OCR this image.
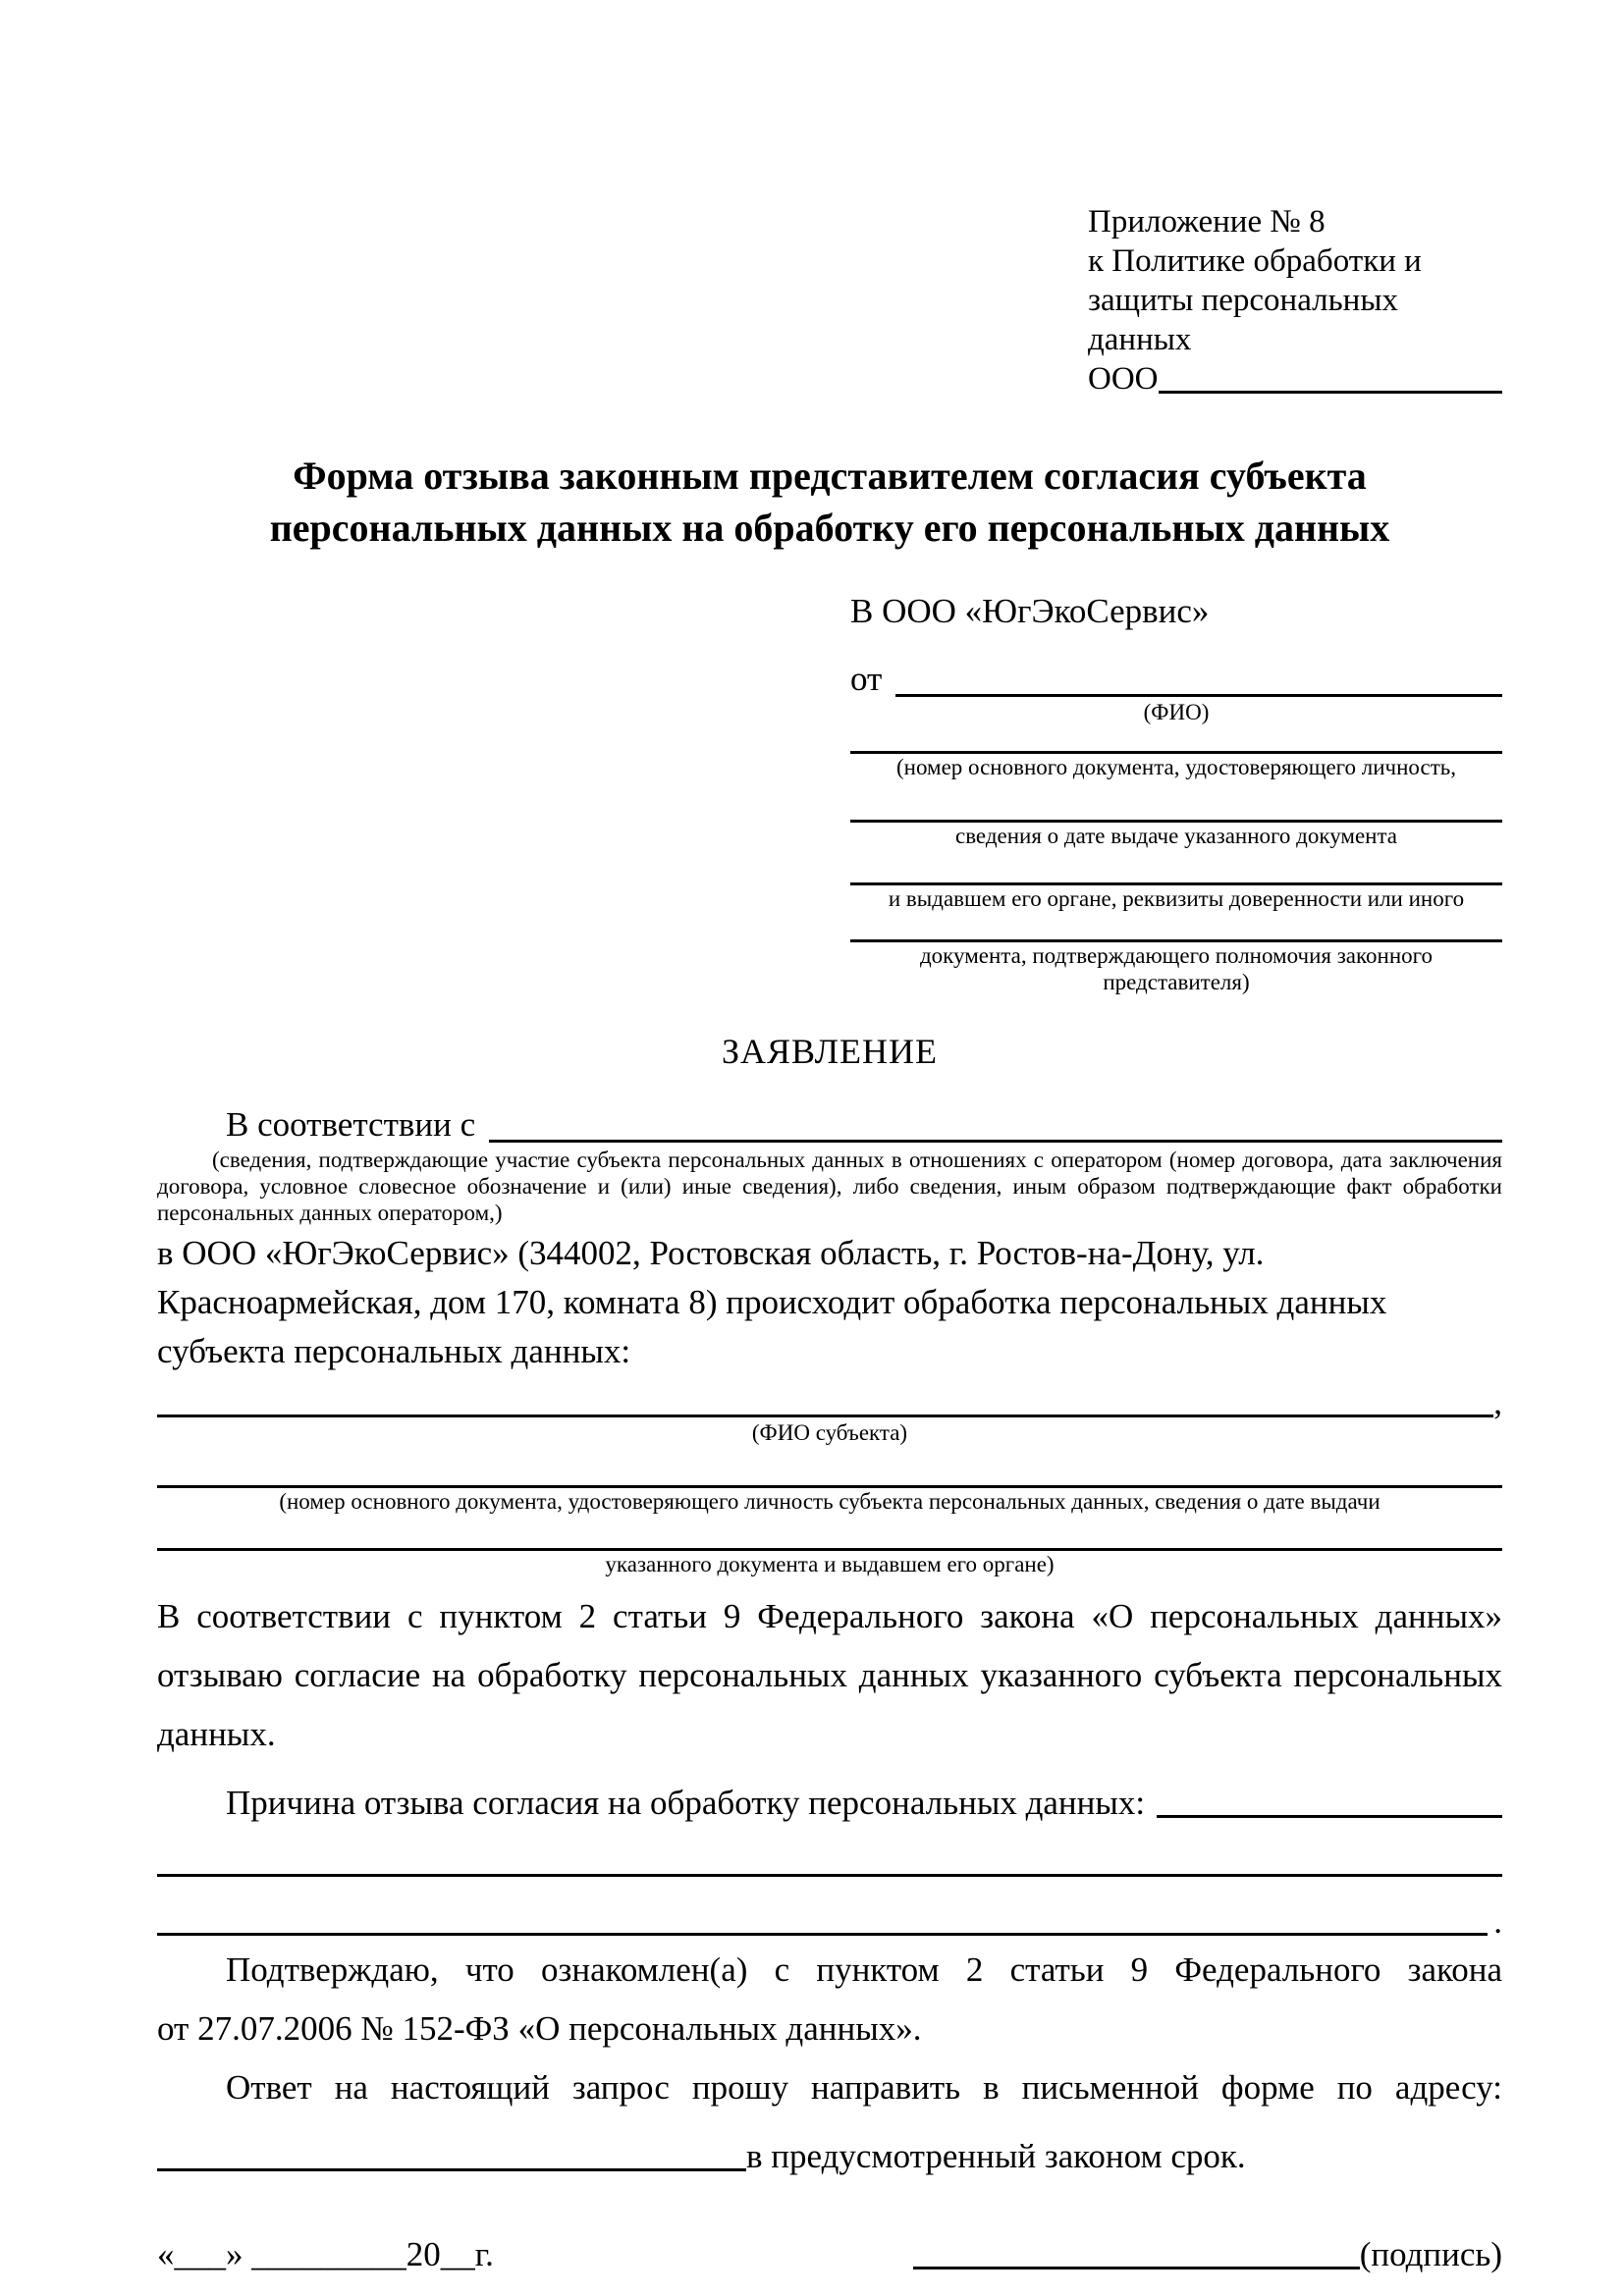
Приложение № 8
к Политике обработки и
защиты персональных данных
ООО
Форма отзыва законным представителем согласия субъекта
персональных данных на обработку его персональных данных
В ООО «ЮгЭкоСервис»
от
(ФИО)
(номер основного документа, удостоверяющего личность,
сведения о дате выдаче указанного документа
и выдавшем его органе, реквизиты доверенности или иного
документа, подтверждающего полномочия законного представителя)
ЗАЯВЛЕНИЕ
В соответствии с
(сведения, подтверждающие участие субъекта персональных данных в отношениях с оператором (номер договора, дата заключения договора, условное словесное обозначение и (или) иные сведения), либо сведения, иным образом подтверждающие факт обработки персональных данных оператором,)
в ООО «ЮгЭкоСервис» (344002, Ростовская область, г. Ростов-на-Дону, ул.
Красноармейская, дом 170, комната 8) происходит обработка персональных данных
субъекта персональных данных:
,
(ФИО субъекта)
(номер основного документа, удостоверяющего личность субъекта персональных данных, сведения о дате выдачи
указанного документа и выдавшем его органе)
В соответствии с пунктом 2 статьи 9 Федерального закона «О персональных данных»
отзываю согласие на обработку персональных данных указанного субъекта персональных
данных.
Причина отзыва согласия на обработку персональных данных:
.
Подтверждаю, что ознакомлен(а) с пунктом 2 статьи 9 Федерального закона
от 27.07.2006 № 152-ФЗ «О персональных данных».
Ответ на настоящий запрос прошу направить в письменной форме по адресу:
в предусмотренный законом срок.
«___» _________20__г.	(подпись)
